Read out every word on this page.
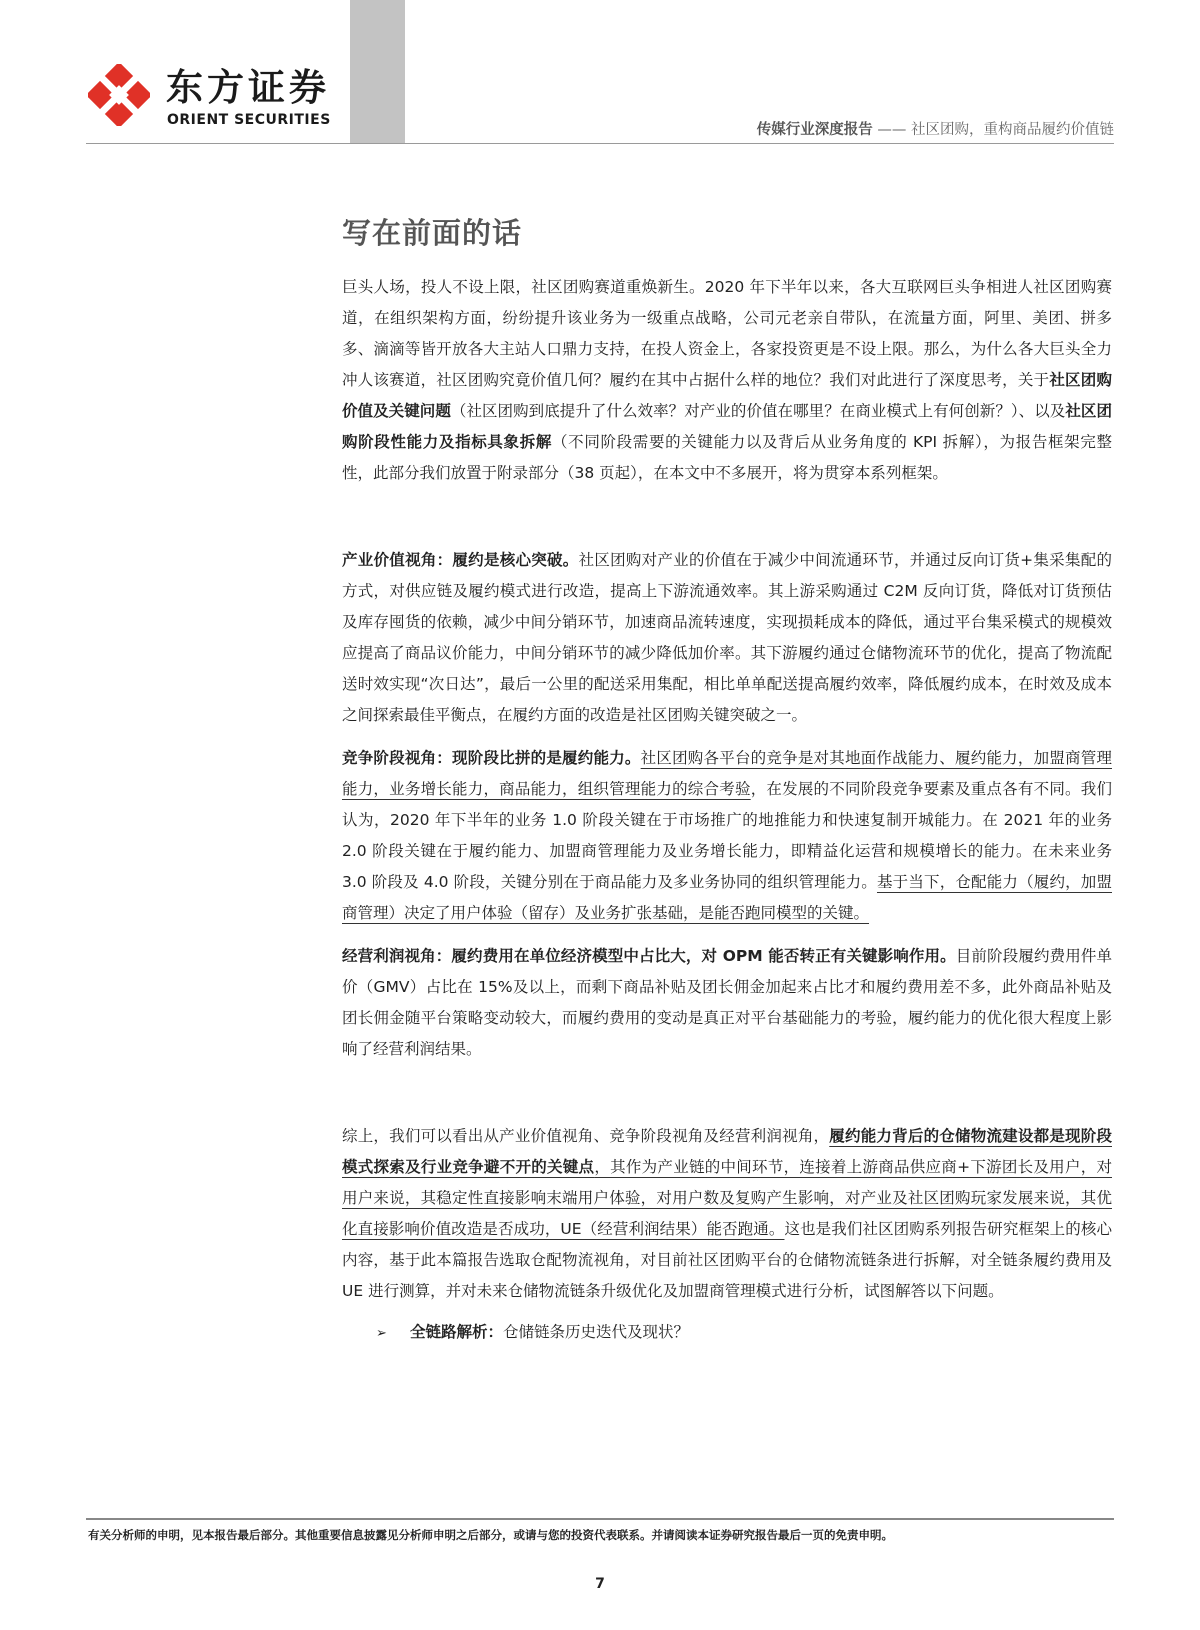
东方证券
ORIENT SECURITIES
传媒行业深度报告 —— 社区团购，重构商品履约价值链
写在前面的话

巨头人场，投人不设上限，社区团购赛道重焕新生。2020 年下半年以来，各大互联网巨头争相进人社区团购赛道，在组织架构方面，纷纷提升该业务为一级重点战略，公司元老亲自带队，在流量方面，阿里、美团、拼多多、滴滴等皆开放各大主站人口鼎力支持，在投人资金上，各家投资更是不设上限。那么，为什么各大巨头全力冲人该赛道，社区团购究竟价值几何？履约在其中占据什么样的地位？我们对此进行了深度思考，关于社区团购价值及关键问题（社区团购到底提升了什么效率？对产业的价值在哪里？在商业模式上有何创新？）、以及社区团购阶段性能力及指标具象拆解（不同阶段需要的关键能力以及背后从业务角度的 KPI 拆解），为报告框架完整性，此部分我们放置于附录部分（38 页起），在本文中不多展开，将为贯穿本系列框架。

产业价值视角：履约是核心突破。社区团购对产业的价值在于减少中间流通环节，并通过反向订货+集采集配的方式，对供应链及履约模式进行改造，提高上下游流通效率。其上游采购通过 C2M 反向订货，降低对订货预估及库存囤货的依赖，减少中间分销环节，加速商品流转速度，实现损耗成本的降低，通过平台集采模式的规模效应提高了商品议价能力，中间分销环节的减少降低加价率。其下游履约通过仓储物流环节的优化，提高了物流配送时效实现“次日达”，最后一公里的配送采用集配，相比单单配送提高履约效率，降低履约成本，在时效及成本之间探索最佳平衡点，在履约方面的改造是社区团购关键突破之一。

竞争阶段视角：现阶段比拼的是履约能力。社区团购各平台的竞争是对其地面作战能力、履约能力，加盟商管理能力，业务增长能力，商品能力，组织管理能力的综合考验，在发展的不同阶段竞争要素及重点各有不同。我们认为，2020 年下半年的业务 1.0 阶段关键在于市场推广的地推能力和快速复制开城能力。在 2021 年的业务 2.0 阶段关键在于履约能力、加盟商管理能力及业务增长能力，即精益化运营和规模增长的能力。在未来业务 3.0 阶段及 4.0 阶段，关键分别在于商品能力及多业务协同的组织管理能力。基于当下，仓配能力（履约，加盟商管理）决定了用户体验（留存）及业务扩张基础，是能否跑同模型的关键。

经营利润视角：履约费用在单位经济模型中占比大，对 OPM 能否转正有关键影响作用。目前阶段履约费用件单价（GMV）占比在 15%及以上，而剩下商品补贴及团长佣金加起来占比才和履约费用差不多，此外商品补贴及团长佣金随平台策略变动较大，而履约费用的变动是真正对平台基础能力的考验，履约能力的优化很大程度上影响了经营利润结果。

综上，我们可以看出从产业价值视角、竞争阶段视角及经营利润视角，履约能力背后的仓储物流建设都是现阶段模式探索及行业竞争避不开的关键点，其作为产业链的中间环节，连接着上游商品供应商+下游团长及用户，对用户来说，其稳定性直接影响末端用户体验，对用户数及复购产生影响，对产业及社区团购玩家发展来说，其优化直接影响价值改造是否成功，UE（经营利润结果）能否跑通。这也是我们社区团购系列报告研究框架上的核心内容，基于此本篇报告选取仓配物流视角，对目前社区团购平台的仓储物流链条进行拆解，对全链条履约费用及 UE 进行测算，并对未来仓储物流链条升级优化及加盟商管理模式进行分析，试图解答以下问题。

➢ 全链路解析：仓储链条历史迭代及现状？
有关分析师的申明，见本报告最后部分。其他重要信息披露见分析师申明之后部分，或请与您的投资代表联系。并请阅读本证券研究报告最后一页的免责申明。
7
